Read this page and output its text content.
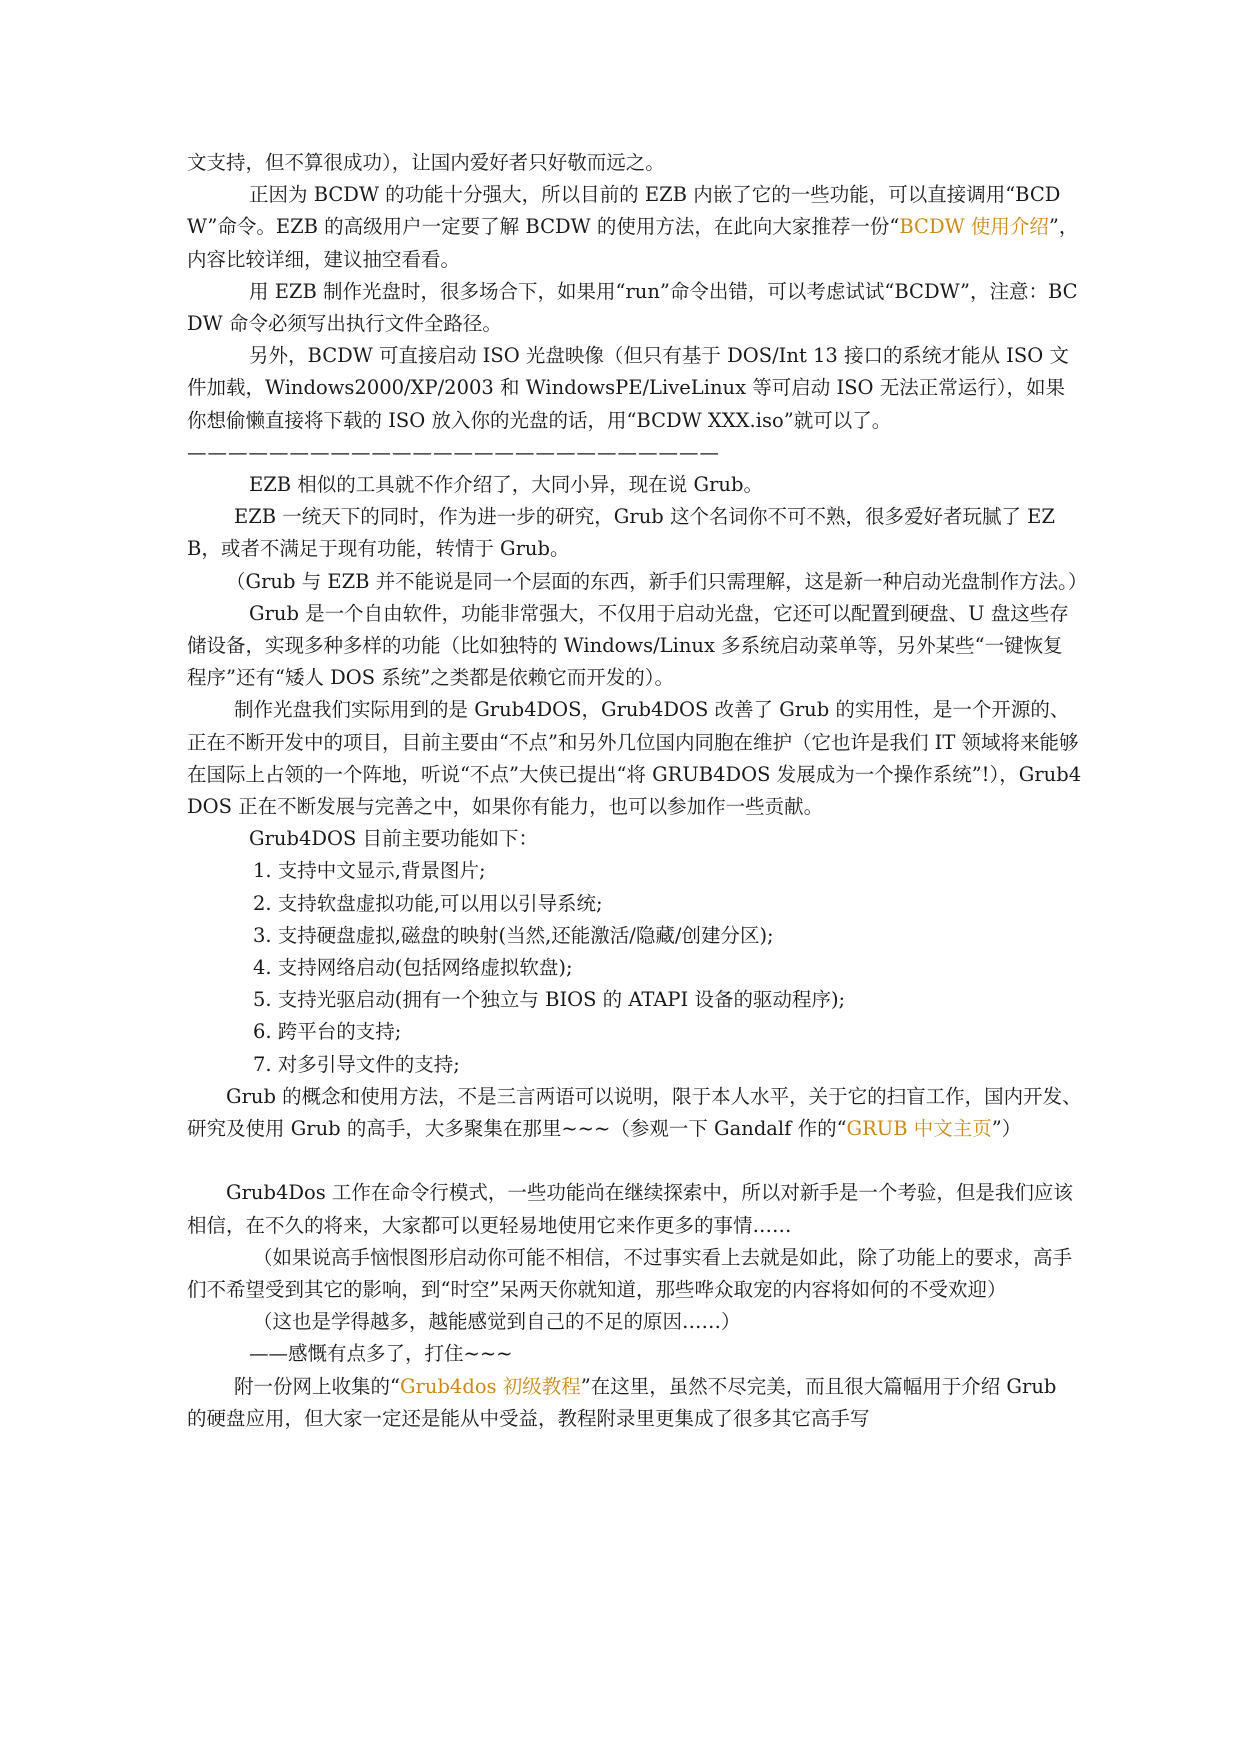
文支持，但不算很成功），让国内爱好者只好敬而远之。

正因为 BCDW 的功能十分强大，所以目前的 EZB 内嵌了它的一些功能，可以直接调用“BCDW”命令。EZB 的高级用户一定要了解 BCDW 的使用方法，在此向大家推荐一份“BCDW 使用介绍”，内容比较详细，建议抽空看看。

用 EZB 制作光盘时，很多场合下，如果用“run”命令出错，可以考虑试试“BCDW”，注意：BCDW 命令必须写出执行文件全路径。

另外，BCDW 可直接启动 ISO 光盘映像（但只有基于 DOS/Int 13 接口的系统才能从 ISO 文件加载，Windows2000/XP/2003 和 WindowsPE/LiveLinux 等可启动 ISO 无法正常运行），如果你想偷懒直接将下载的 ISO 放入你的光盘的话，用“BCDW XXX.iso”就可以了。

——————————————————————————

EZB 相似的工具就不作介绍了，大同小异，现在说 Grub。

EZB 一统天下的同时，作为进一步的研究，Grub 这个名词你不可不熟，很多爱好者玩腻了 EZB，或者不满足于现有功能，转情于 Grub。

（Grub 与 EZB 并不能说是同一个层面的东西，新手们只需理解，这是新一种启动光盘制作方法。）

Grub 是一个自由软件，功能非常强大，不仅用于启动光盘，它还可以配置到硬盘、U 盘这些存储设备，实现多种多样的功能（比如独特的 Windows/Linux 多系统启动菜单等，另外某些“一键恢复程序”还有“矮人 DOS 系统”之类都是依赖它而开发的）。

制作光盘我们实际用到的是 Grub4DOS，Grub4DOS 改善了 Grub 的实用性，是一个开源的、正在不断开发中的项目，目前主要由“不点”和另外几位国内同胞在维护（它也许是我们 IT 领域将来能够在国际上占领的一个阵地，听说“不点”大侠已提出“将 GRUB4DOS 发展成为一个操作系统”!），Grub4DOS 正在不断发展与完善之中，如果你有能力，也可以参加作一些贡献。

Grub4DOS 目前主要功能如下：

1. 支持中文显示,背景图片;

2. 支持软盘虚拟功能,可以用以引导系统;

3. 支持硬盘虚拟,磁盘的映射(当然,还能激活/隐藏/创建分区);

4. 支持网络启动(包括网络虚拟软盘);

5. 支持光驱启动(拥有一个独立与 BIOS 的 ATAPI 设备的驱动程序);

6. 跨平台的支持;

7. 对多引导文件的支持;

Grub 的概念和使用方法，不是三言两语可以说明，限于本人水平，关于它的扫盲工作，国内开发、研究及使用 Grub 的高手，大多聚集在那里~~~（参观一下 Gandalf 作的“GRUB 中文主页”）

Grub4Dos 工作在命令行模式，一些功能尚在继续探索中，所以对新手是一个考验，但是我们应该相信，在不久的将来，大家都可以更轻易地使用它来作更多的事情……

（如果说高手恼恨图形启动你可能不相信，不过事实看上去就是如此，除了功能上的要求，高手们不希望受到其它的影响，到“时空”呆两天你就知道，那些哗众取宠的内容将如何的不受欢迎）

（这也是学得越多，越能感觉到自己的不足的原因……）

——感慨有点多了，打住~~~

附一份网上收集的“Grub4dos 初级教程”在这里，虽然不尽完美，而且很大篇幅用于介绍 Grub 的硬盘应用，但大家一定还是能从中受益，教程附录里更集成了很多其它高手写
